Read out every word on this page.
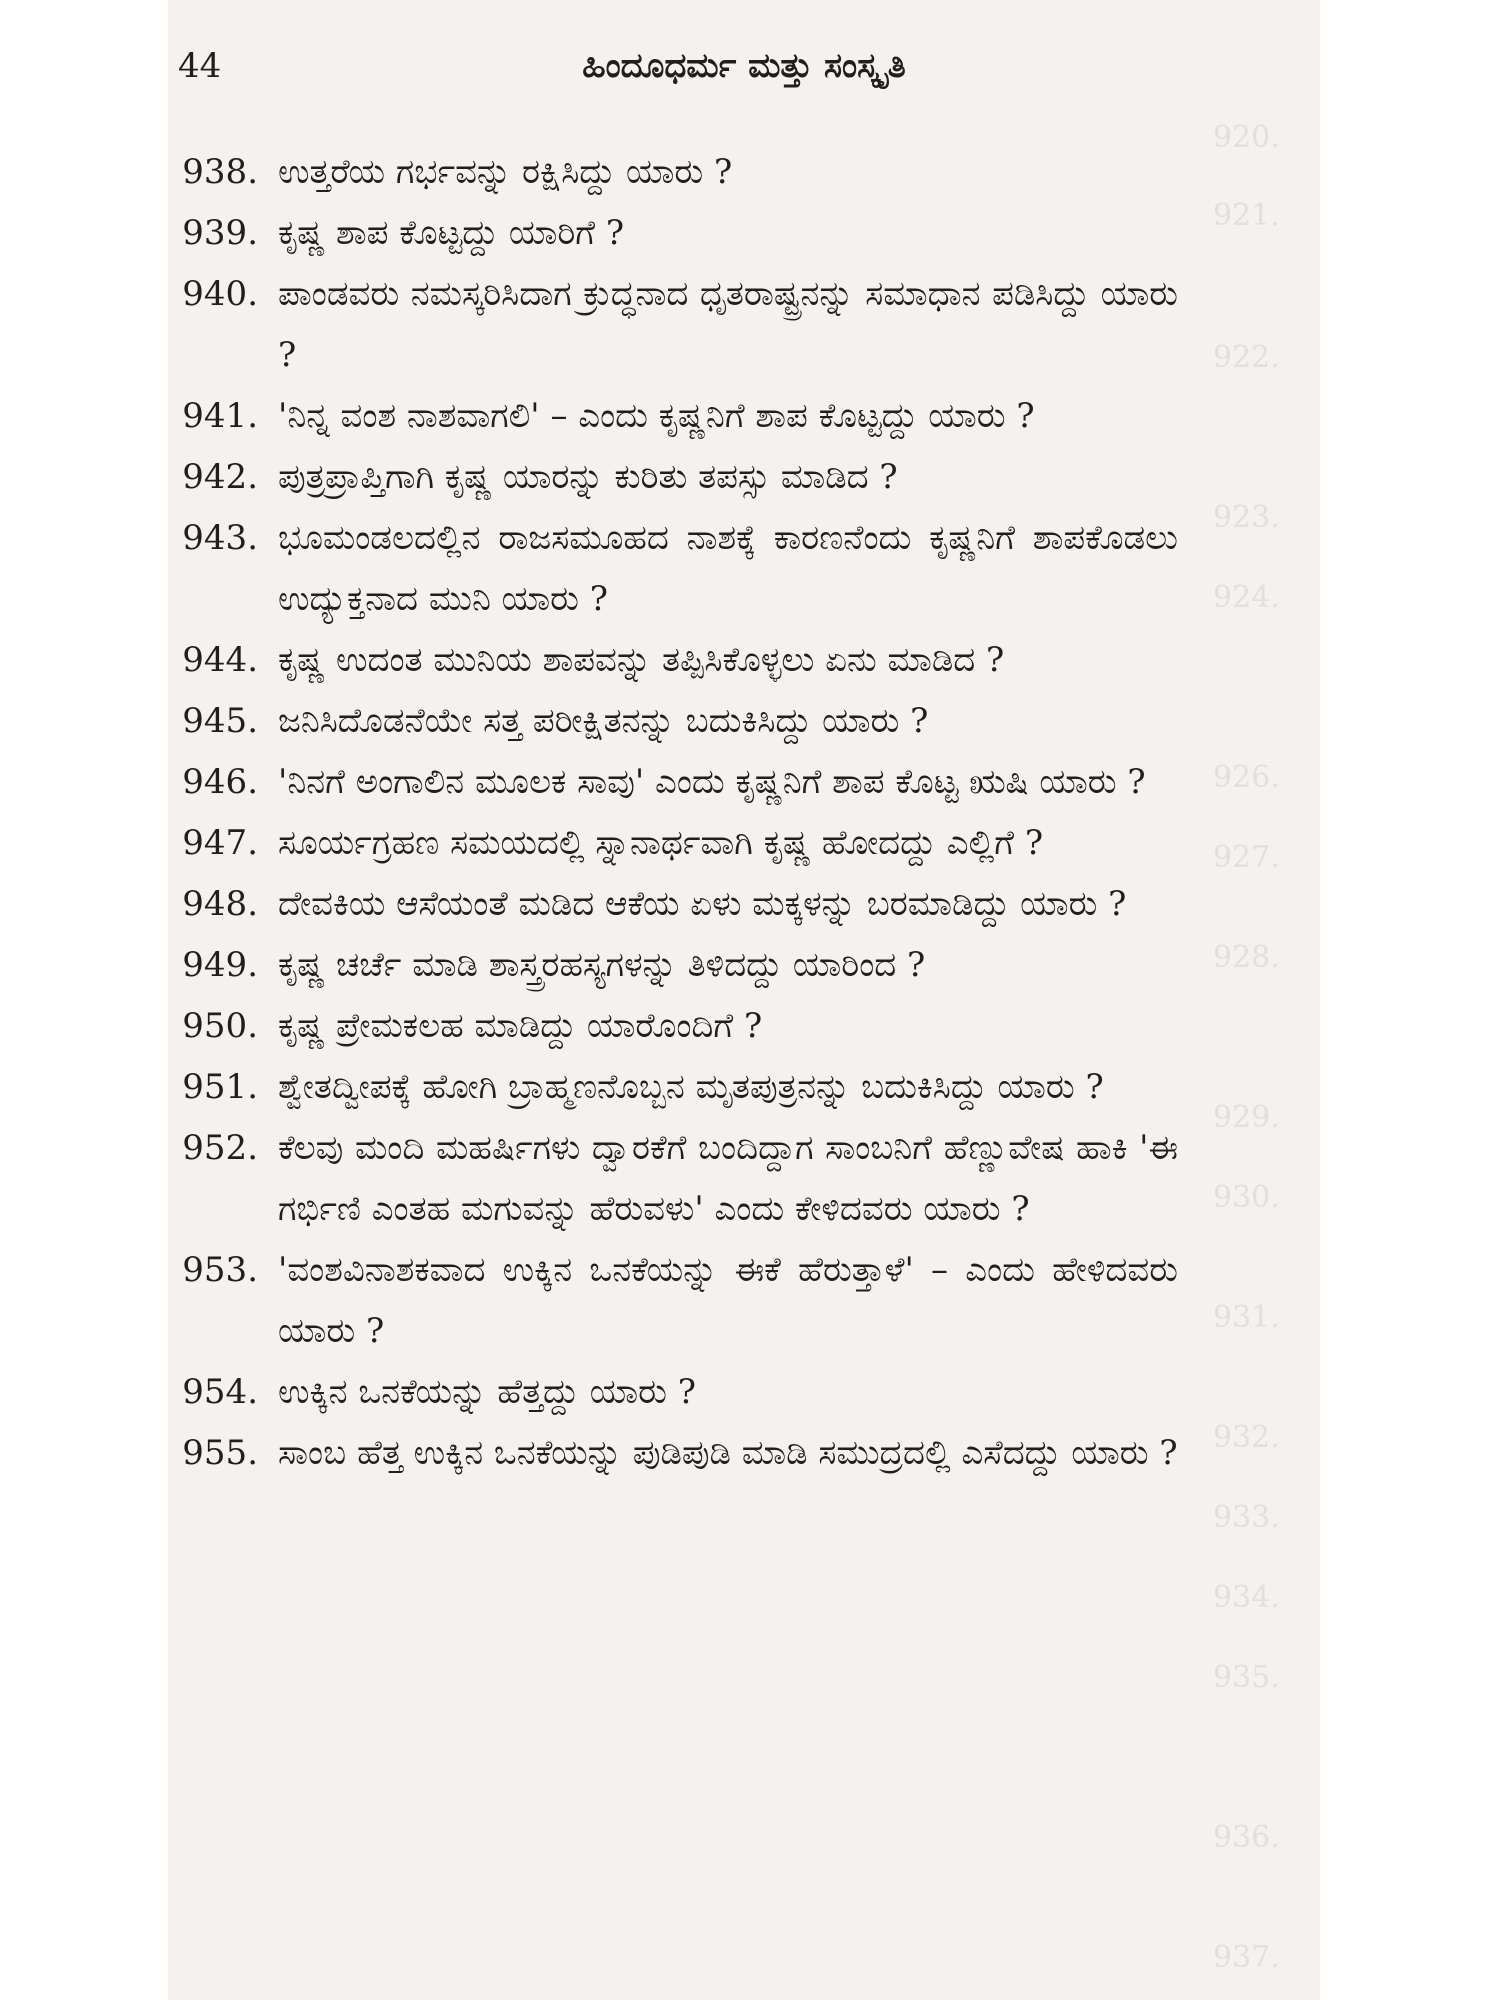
920.
921.
922.
923.
924.
926.
927.
928.
929.
930.
931.
932.
933.
934.
935.
936.
937.
44	ಹಿಂದೂಧರ್ಮ ಮತ್ತು ಸಂಸ್ಕೃತಿ
938. ಉತ್ತರೆಯ ಗರ್ಭವನ್ನು ರಕ್ಷಿಸಿದ್ದು ಯಾರು ?
939. ಕೃಷ್ಣ ಶಾಪ ಕೊಟ್ಟದ್ದು ಯಾರಿಗೆ ?
940. ಪಾಂಡವರು ನಮಸ್ಕರಿಸಿದಾಗ ಕ್ರುದ್ಧನಾದ ಧೃತರಾಷ್ಟ್ರನನ್ನು ಸಮಾಧಾನ ಪಡಿಸಿದ್ದು ಯಾರು ?
941. 'ನಿನ್ನ ವಂಶ ನಾಶವಾಗಲಿ' – ಎಂದು ಕೃಷ್ಣನಿಗೆ ಶಾಪ ಕೊಟ್ಟದ್ದು ಯಾರು ?
942. ಪುತ್ರಪ್ರಾಪ್ತಿಗಾಗಿ ಕೃಷ್ಣ ಯಾರನ್ನು ಕುರಿತು ತಪಸ್ಸು ಮಾಡಿದ ?
943. ಭೂಮಂಡಲದಲ್ಲಿನ ರಾಜಸಮೂಹದ ನಾಶಕ್ಕೆ ಕಾರಣನೆಂದು ಕೃಷ್ಣನಿಗೆ ಶಾಪಕೊಡಲು ಉದ್ಯುಕ್ತನಾದ ಮುನಿ ಯಾರು ?
944. ಕೃಷ್ಣ ಉದಂತ ಮುನಿಯ ಶಾಪವನ್ನು ತಪ್ಪಿಸಿಕೊಳ್ಳಲು ಏನು ಮಾಡಿದ ?
945. ಜನಿಸಿದೊಡನೆಯೇ ಸತ್ತ ಪರೀಕ್ಷಿತನನ್ನು ಬದುಕಿಸಿದ್ದು ಯಾರು ?
946. 'ನಿನಗೆ ಅಂಗಾಲಿನ ಮೂಲಕ ಸಾವು' ಎಂದು ಕೃಷ್ಣನಿಗೆ ಶಾಪ ಕೊಟ್ಟ ಋಷಿ ಯಾರು ?
947. ಸೂರ್ಯಗ್ರಹಣ ಸಮಯದಲ್ಲಿ ಸ್ನಾನಾರ್ಥವಾಗಿ ಕೃಷ್ಣ ಹೋದದ್ದು ಎಲ್ಲಿಗೆ ?
948. ದೇವಕಿಯ ಆಸೆಯಂತೆ ಮಡಿದ ಆಕೆಯ ಏಳು ಮಕ್ಕಳನ್ನು ಬರಮಾಡಿದ್ದು ಯಾರು ?
949. ಕೃಷ್ಣ ಚರ್ಚೆ ಮಾಡಿ ಶಾಸ್ತ್ರರಹಸ್ಯಗಳನ್ನು ತಿಳಿದದ್ದು ಯಾರಿಂದ ?
950. ಕೃಷ್ಣ ಪ್ರೇಮಕಲಹ ಮಾಡಿದ್ದು ಯಾರೊಂದಿಗೆ ?
951. ಶ್ವೇತದ್ವೀಪಕ್ಕೆ ಹೋಗಿ ಬ್ರಾಹ್ಮಣನೊಬ್ಬನ ಮೃತಪುತ್ರನನ್ನು ಬದುಕಿಸಿದ್ದು ಯಾರು ?
952. ಕೆಲವು ಮಂದಿ ಮಹರ್ಷಿಗಳು ದ್ವಾರಕೆಗೆ ಬಂದಿದ್ದಾಗ ಸಾಂಬನಿಗೆ ಹೆಣ್ಣುವೇಷ ಹಾಕಿ 'ಈ ಗರ್ಭಿಣಿ ಎಂತಹ ಮಗುವನ್ನು ಹೆರುವಳು' ಎಂದು ಕೇಳಿದವರು ಯಾರು ?
953. 'ವಂಶವಿನಾಶಕವಾದ ಉಕ್ಕಿನ ಒನಕೆಯನ್ನು ಈಕೆ ಹೆರುತ್ತಾಳೆ' – ಎಂದು ಹೇಳಿದವರು ಯಾರು ?
954. ಉಕ್ಕಿನ ಒನಕೆಯನ್ನು ಹೆತ್ತದ್ದು ಯಾರು ?
955. ಸಾಂಬ ಹೆತ್ತ ಉಕ್ಕಿನ ಒನಕೆಯನ್ನು ಪುಡಿಪುಡಿ ಮಾಡಿ ಸಮುದ್ರದಲ್ಲಿ ಎಸೆದದ್ದು ಯಾರು ?
